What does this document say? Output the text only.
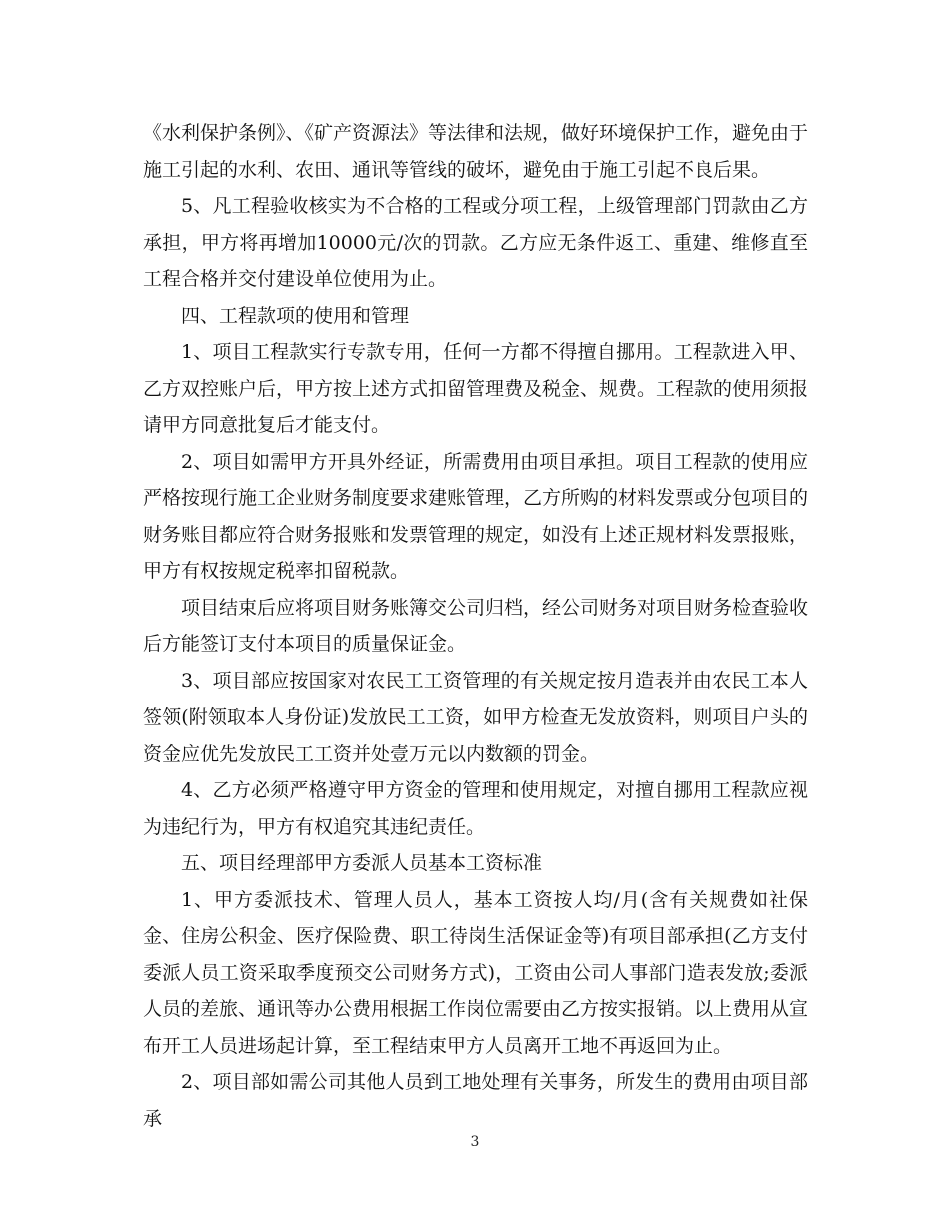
《水利保护条例》、《矿产资源法》等法律和法规，做好环境保护工作，避免由于施工引起的水利、农田、通讯等管线的破坏，避免由于施工引起不良后果。

5、凡工程验收核实为不合格的工程或分项工程，上级管理部门罚款由乙方承担，甲方将再增加10000元/次的罚款。乙方应无条件返工、重建、维修直至工程合格并交付建设单位使用为止。

四、工程款项的使用和管理

1、项目工程款实行专款专用，任何一方都不得擅自挪用。工程款进入甲、乙方双控账户后，甲方按上述方式扣留管理费及税金、规费。工程款的使用须报请甲方同意批复后才能支付。

2、项目如需甲方开具外经证，所需费用由项目承担。项目工程款的使用应严格按现行施工企业财务制度要求建账管理，乙方所购的材料发票或分包项目的财务账目都应符合财务报账和发票管理的规定，如没有上述正规材料发票报账，甲方有权按规定税率扣留税款。

项目结束后应将项目财务账簿交公司归档，经公司财务对项目财务检查验收后方能签订支付本项目的质量保证金。

3、项目部应按国家对农民工工资管理的有关规定按月造表并由农民工本人签领(附领取本人身份证)发放民工工资，如甲方检查无发放资料，则项目户头的资金应优先发放民工工资并处壹万元以内数额的罚金。

4、乙方必须严格遵守甲方资金的管理和使用规定，对擅自挪用工程款应视为违纪行为，甲方有权追究其违纪责任。

五、项目经理部甲方委派人员基本工资标准

1、甲方委派技术、管理人员人，基本工资按人均/月(含有关规费如社保金、住房公积金、医疗保险费、职工待岗生活保证金等)有项目部承担(乙方支付委派人员工资采取季度预交公司财务方式)，工资由公司人事部门造表发放;委派人员的差旅、通讯等办公费用根据工作岗位需要由乙方按实报销。以上费用从宣布开工人员进场起计算，至工程结束甲方人员离开工地不再返回为止。

2、项目部如需公司其他人员到工地处理有关事务，所发生的费用由项目部承

3
